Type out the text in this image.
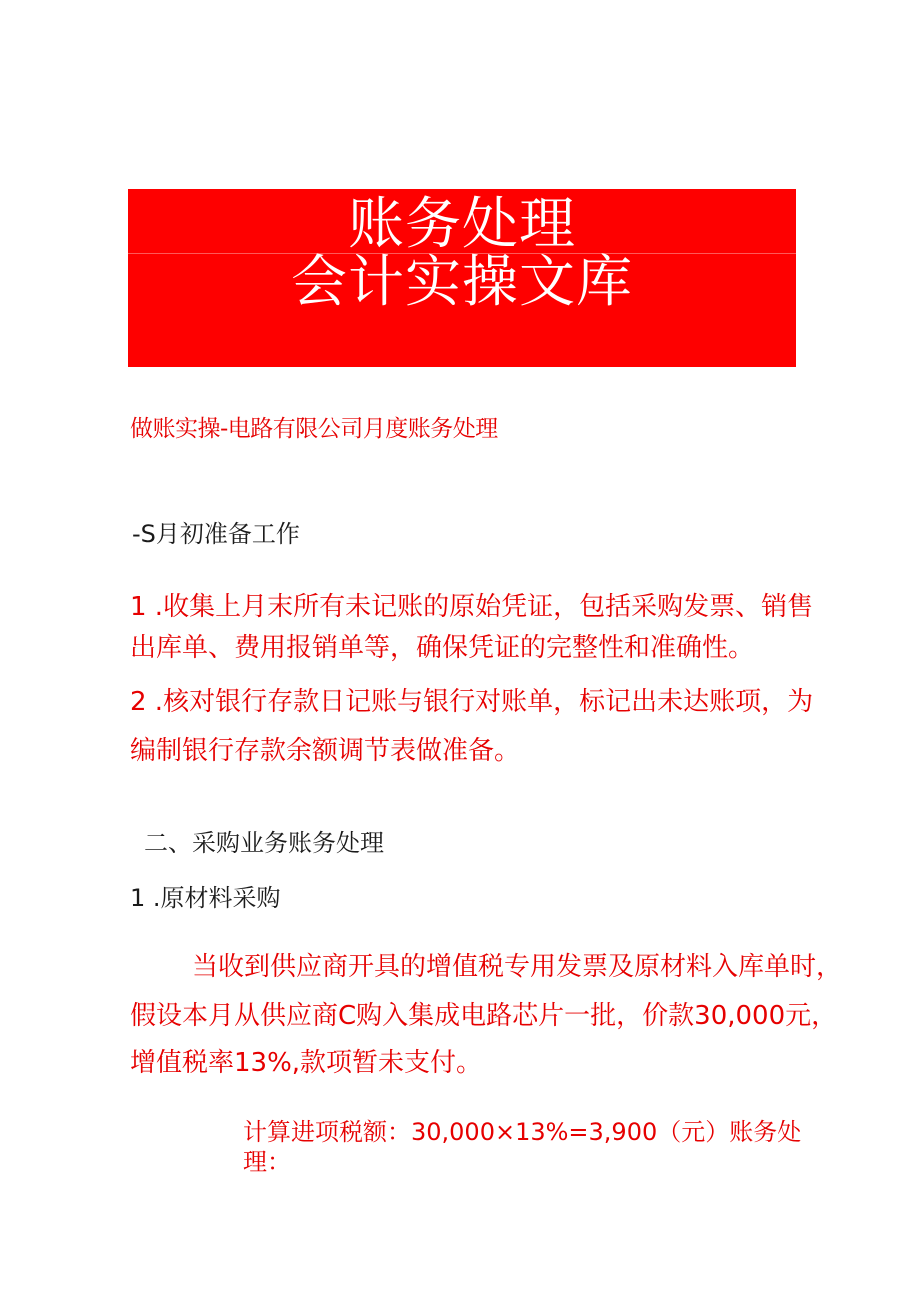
账务处理
会计实操文库
做账实操-电路有限公司月度账务处理
-S月初准备工作
1 .收集上月末所有未记账的原始凭证，包括采购发票、销售
出库单、费用报销单等，确保凭证的完整性和准确性。
2 .核对银行存款日记账与银行对账单，标记出未达账项，为
编制银行存款余额调节表做准备。
二、采购业务账务处理
1 .原材料采购
当收到供应商开具的增值税专用发票及原材料入库单时，
假设本月从供应商C购入集成电路芯片一批，价款30,000元，
增值税率13%,款项暂未支付。
计算进项税额：30,000×13%=3,900（元）账务处
理：
